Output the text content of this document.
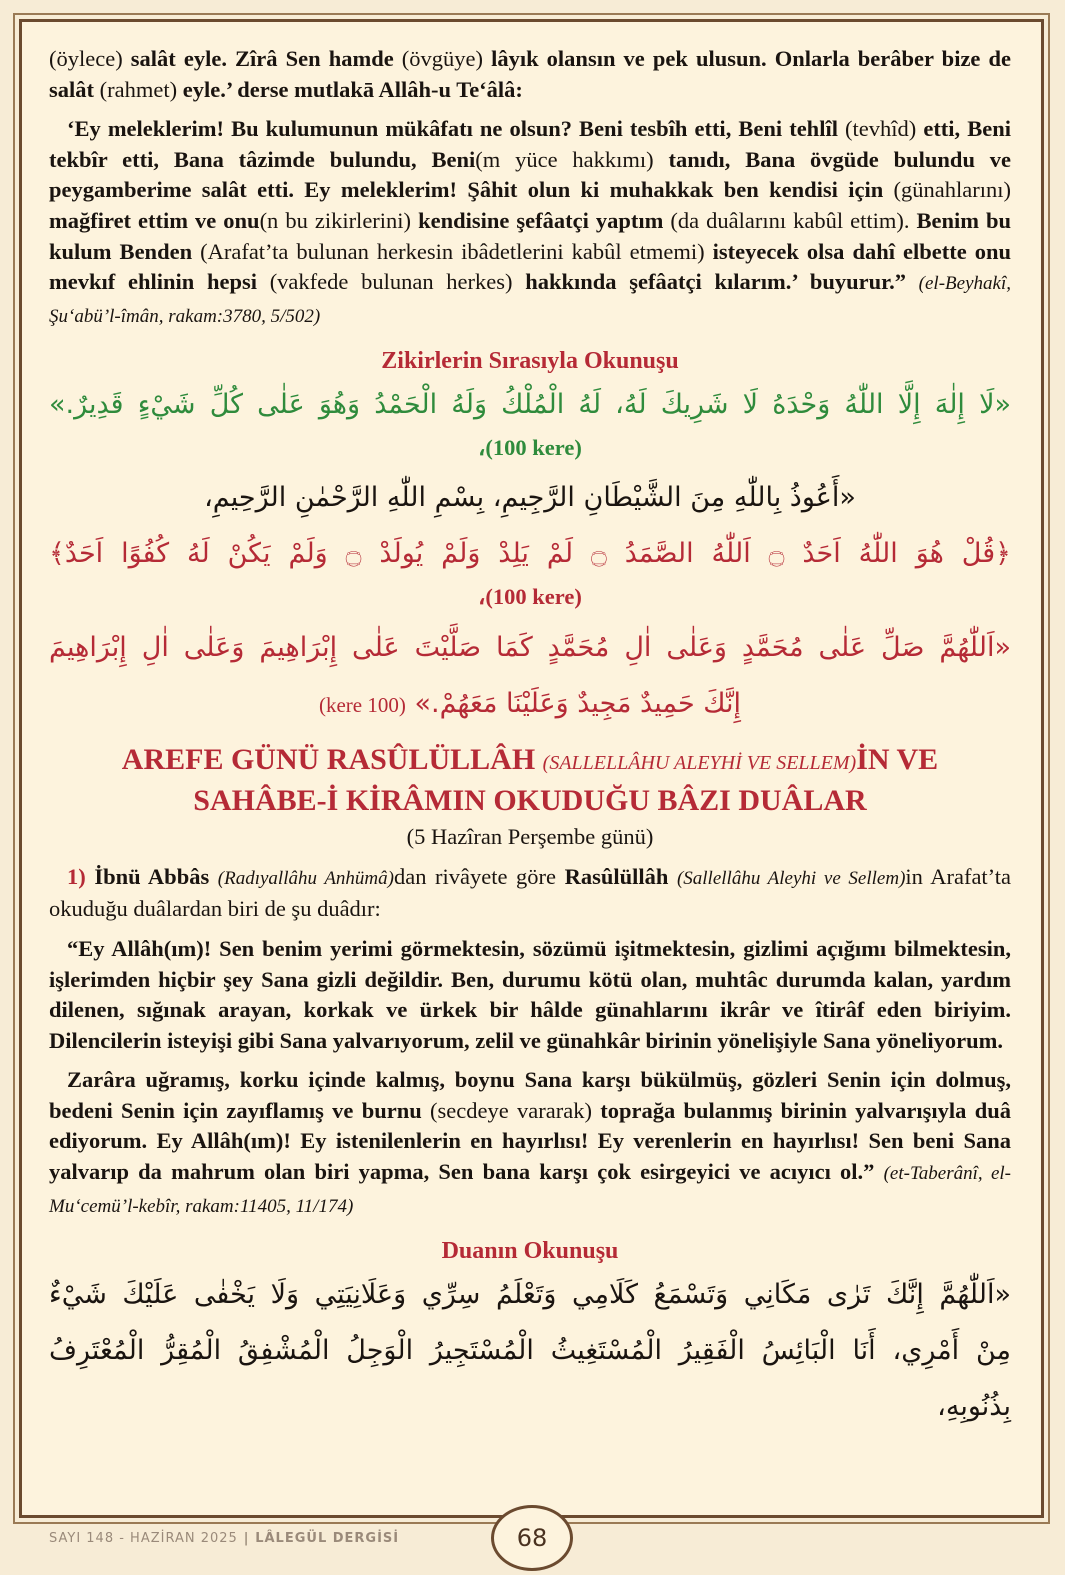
(öylece) salât eyle. Zîrâ Sen hamde (övgüye) lâyık olansın ve pek ulusun. Onlarla berâber bize de salât (rahmet) eyle.’ derse mutlakā Allâh-u Te‘âlâ:

‘Ey meleklerim! Bu kulumunun mükâfatı ne olsun? Beni tesbîh etti, Beni tehlîl (tevhîd) etti, Beni tekbîr etti, Bana tâzimde bulundu, Beni(m yüce hakkımı) tanıdı, Bana övgüde bulundu ve peygamberime salât etti. Ey meleklerim! Şâhit olun ki muhakkak ben kendisi için (günahlarını) mağfiret ettim ve onu(n bu zikirlerini) kendisine şefâatçi yaptım (da duâlarını kabûl ettim). Benim bu kulum Benden (Arafat’ta bulunan herkesin ibâdetlerini kabûl etmemi) isteyecek olsa dahî elbette onu mevkıf ehlinin hepsi (vakfede bulunan herkes) hakkında şefâatçi kılarım.’ buyurur.” (el-Beyhakî, Şu‘abü’l-îmân, rakam:3780, 5/502)

Zikirlerin Sırasıyla Okunuşu

«لَا إِلٰهَ إِلَّا اللّٰهُ وَحْدَهُ لَا شَرِيكَ لَهُ، لَهُ الْمُلْكُ وَلَهُ الْحَمْدُ وَهُوَ عَلٰى كُلِّ شَيْءٍ قَدِيرٌ.»

،(100 kere)

«أَعُوذُ بِاللّٰهِ مِنَ الشَّيْطَانِ الرَّجِيمِ، بِسْمِ اللّٰهِ الرَّحْمٰنِ الرَّحِيمِ،

﴿قُلْ هُوَ اللّٰهُ اَحَدٌ ۝ اَللّٰهُ الصَّمَدُ ۝ لَمْ يَلِدْ وَلَمْ يُولَدْ ۝ وَلَمْ يَكُنْ لَهُ كُفُوًا اَحَدٌ﴾

،(100 kere)

«اَللّٰهُمَّ صَلِّ عَلٰى مُحَمَّدٍ وَعَلٰى اٰلِ مُحَمَّدٍ كَمَا صَلَّيْتَ عَلٰى إِبْرَاهِيمَ وَعَلٰى اٰلِ إِبْرَاهِيمَ

إِنَّكَ حَمِيدٌ مَجِيدٌ وَعَلَيْنَا مَعَهُمْ.» (100 kere)

AREFE GÜNÜ RASÛLÜLLÂH (SALLELLÂHU ALEYHİ VE SELLEM)İN VE
SAHÂBE-İ KİRÂMIN OKUDUĞU BÂZI DUÂLAR

(5 Hazîran Perşembe günü)

1) İbnü Abbâs (Radıyallâhu Anhümâ)dan rivâyete göre Rasûlüllâh (Sallellâhu Aleyhi ve Sellem)in Arafat’ta okuduğu duâlardan biri de şu duâdır:

“Ey Allâh(ım)! Sen benim yerimi görmektesin, sözümü işitmektesin, gizlimi açığımı bilmektesin, işlerimden hiçbir şey Sana gizli değildir. Ben, durumu kötü olan, muhtâc durumda kalan, yardım dilenen, sığınak arayan, korkak ve ürkek bir hâlde günahlarını ikrâr ve îtirâf eden biriyim. Dilencilerin isteyişi gibi Sana yalvarıyorum, zelil ve günahkâr birinin yönelişiyle Sana yöneliyorum.

Zarâra uğramış, korku içinde kalmış, boynu Sana karşı bükülmüş, gözleri Senin için dolmuş, bedeni Senin için zayıflamış ve burnu (secdeye vararak) toprağa bulanmış birinin yalvarışıyla duâ ediyorum. Ey Allâh(ım)! Ey istenilenlerin en hayırlısı! Ey verenlerin en hayırlısı! Sen beni Sana yalvarıp da mahrum olan biri yapma, Sen bana karşı çok esirgeyici ve acıyıcı ol.” (et-Taberânî, el-Mu‘cemü’l-kebîr, rakam:11405, 11/174)

Duanın Okunuşu

«اَللّٰهُمَّ إِنَّكَ تَرٰى مَكَانِي وَتَسْمَعُ كَلَامِي وَتَعْلَمُ سِرِّي وَعَلَانِيَتِي وَلَا يَخْفٰى عَلَيْكَ شَيْءٌ

مِنْ أَمْرِي، أَنَا الْبَائِسُ الْفَقِيرُ الْمُسْتَغِيثُ الْمُسْتَجِيرُ الْوَجِلُ الْمُشْفِقُ الْمُقِرُّ الْمُعْتَرِفُ بِذُنُوبِهِ،

SAYI 148 - HAZİRAN 2025 | LÂLEGÜL DERGİSİ	68
